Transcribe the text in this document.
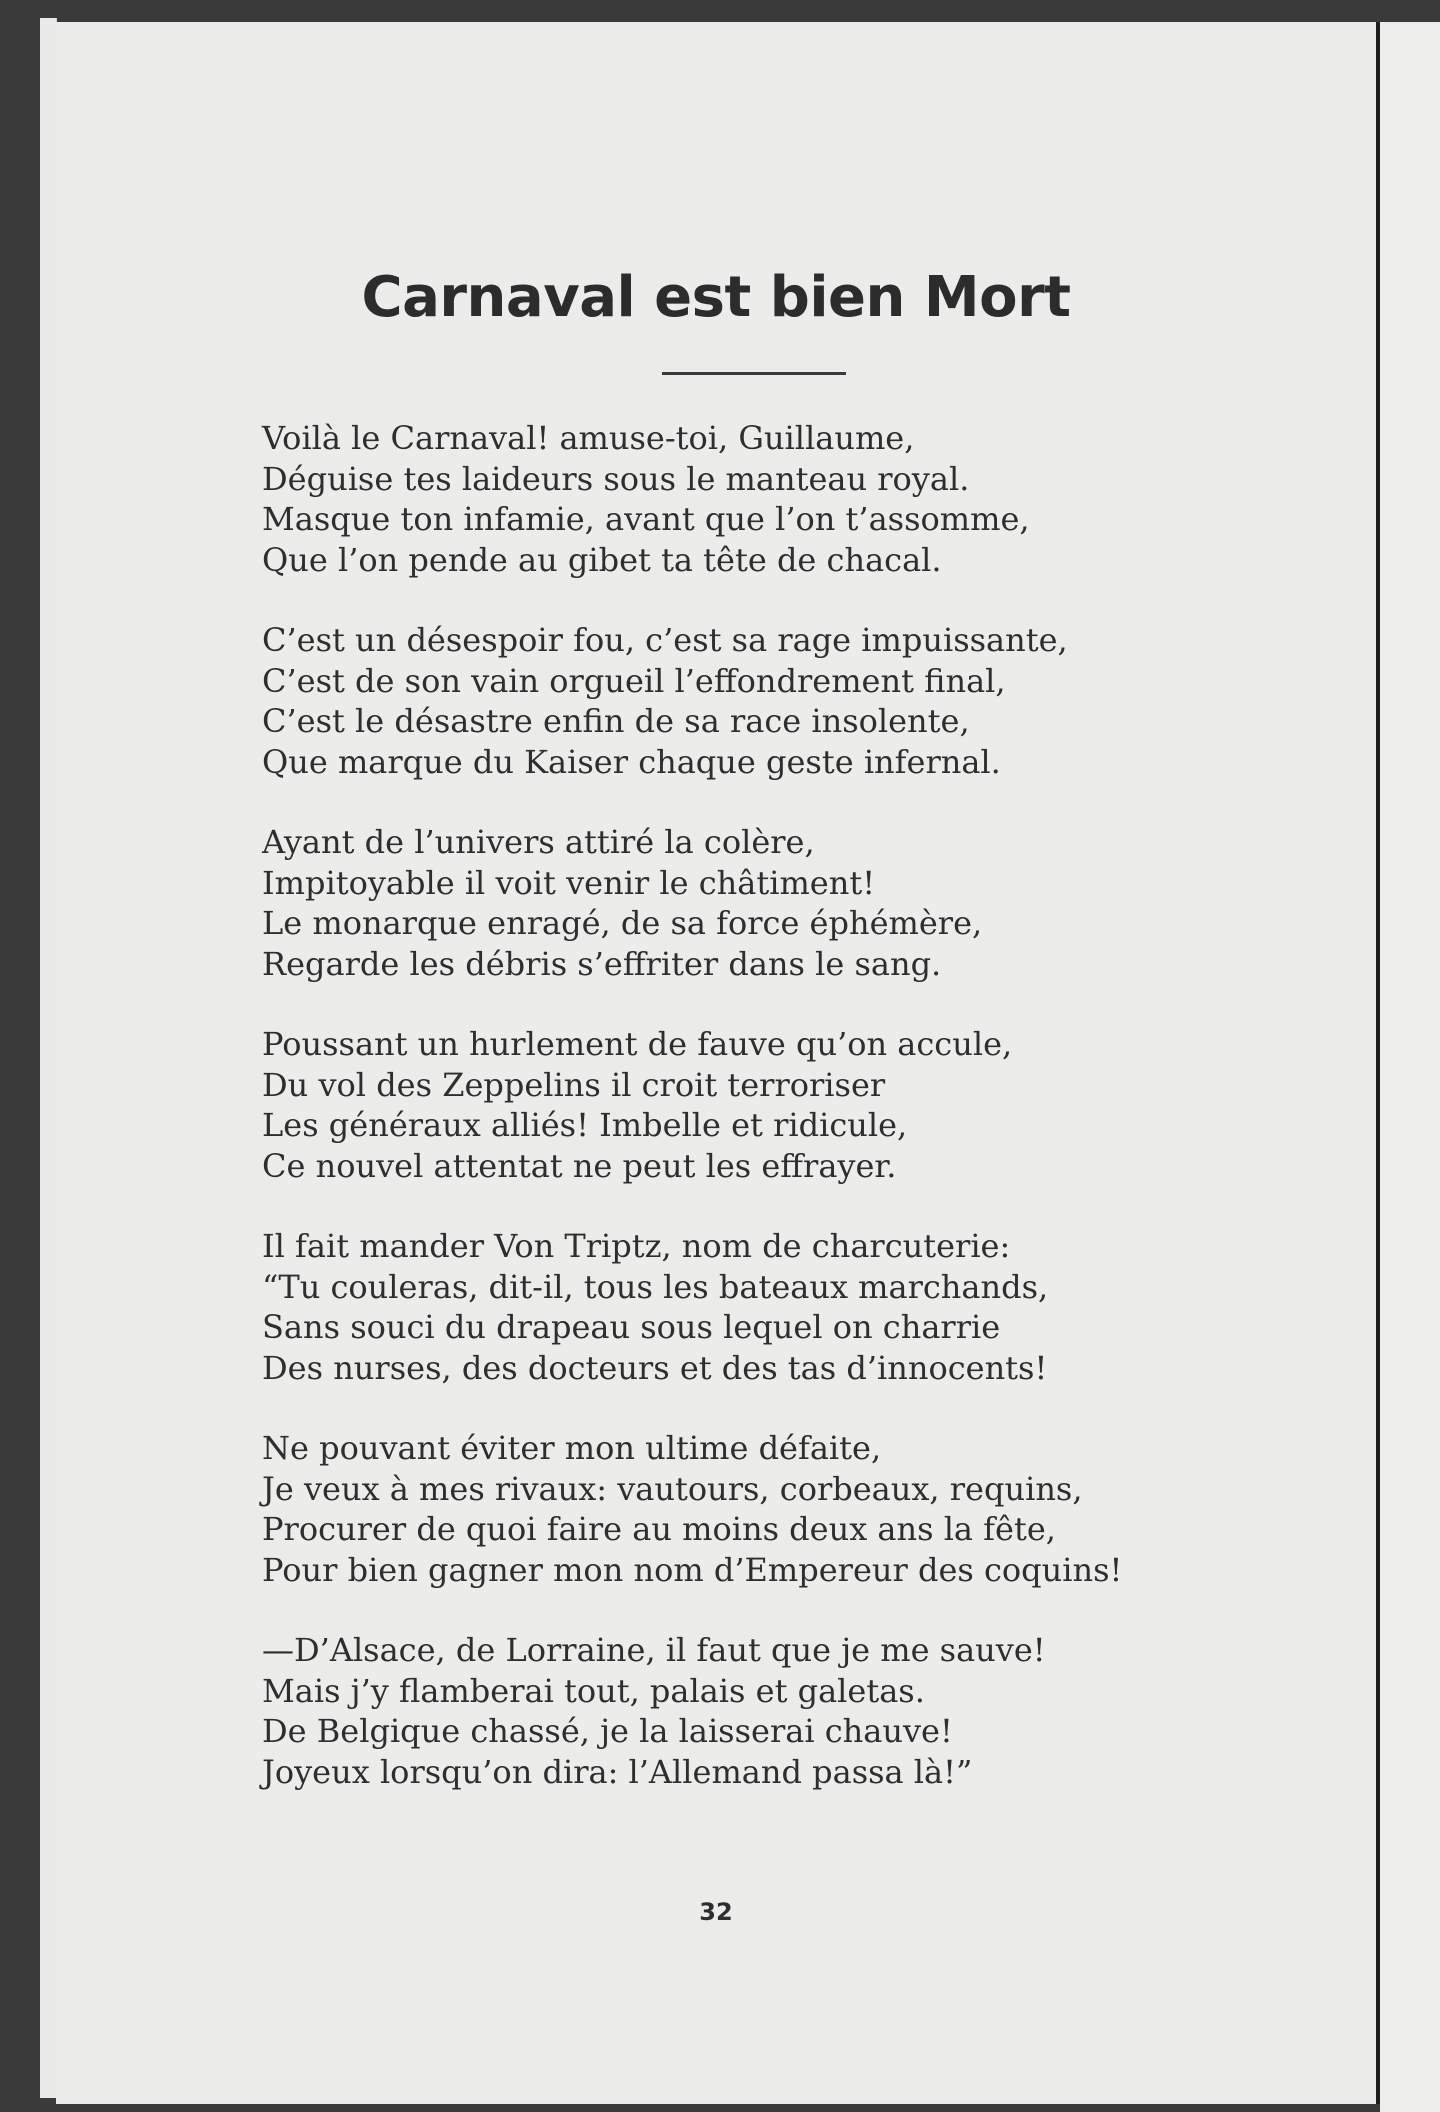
Carnaval est bien Mort
Voilà le Carnaval! amuse-toi, Guillaume,
Déguise tes laideurs sous le manteau royal.
Masque ton infamie, avant que l’on t’assomme,
Que l’on pende au gibet ta tête de chacal.
C’est un désespoir fou, c’est sa rage impuissante,
C’est de son vain orgueil l’effondrement final,
C’est le désastre enfin de sa race insolente,
Que marque du Kaiser chaque geste infernal.
Ayant de l’univers attiré la colère,
Impitoyable il voit venir le châtiment!
Le monarque enragé, de sa force éphémère,
Regarde les débris s’effriter dans le sang.
Poussant un hurlement de fauve qu’on accule,
Du vol des Zeppelins il croit terroriser
Les généraux alliés! Imbelle et ridicule,
Ce nouvel attentat ne peut les effrayer.
Il fait mander Von Triptz, nom de charcuterie:
“Tu couleras, dit-il, tous les bateaux marchands,
Sans souci du drapeau sous lequel on charrie
Des nurses, des docteurs et des tas d’innocents!
Ne pouvant éviter mon ultime défaite,
Je veux à mes rivaux: vautours, corbeaux, requins,
Procurer de quoi faire au moins deux ans la fête,
Pour bien gagner mon nom d’Empereur des coquins!
—D’Alsace, de Lorraine, il faut que je me sauve!
Mais j’y flamberai tout, palais et galetas.
De Belgique chassé, je la laisserai chauve!
Joyeux lorsqu’on dira: l’Allemand passa là!”
32
